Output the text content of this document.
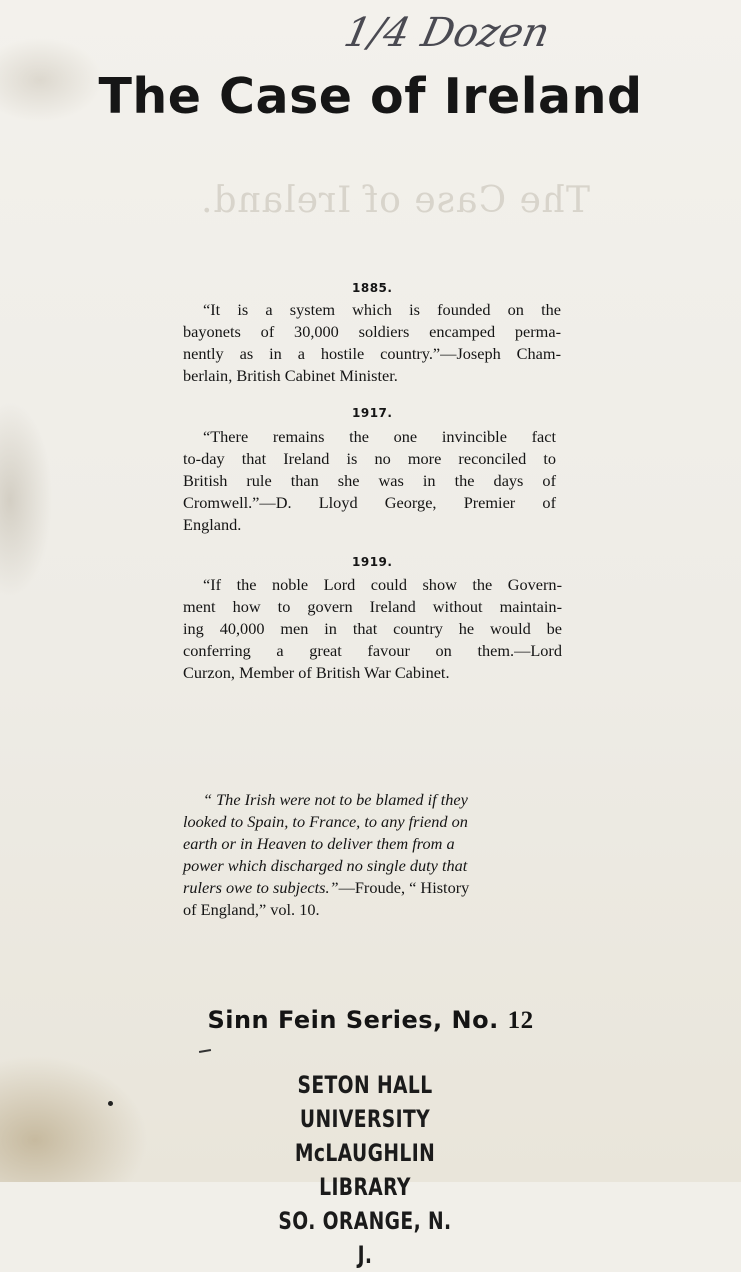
The Case of Ireland.
1/4 Dozen
The Case of Ireland
1885.
“It is a system which is founded on the
bayonets of 30,000 soldiers encamped perma-
nently as in a hostile country.”—Joseph Cham-
berlain, British Cabinet Minister.
1917.
“There remains the one invincible fact
to-day that Ireland is no more reconciled to
British rule than she was in the days of
Cromwell.”—D. Lloyd George, Premier of
England.
1919.
“If the noble Lord could show the Govern-
ment how to govern Ireland without maintain-
ing 40,000 men in that country he would be
conferring a great favour on them.—Lord
Curzon, Member of British War Cabinet.
“ The Irish were not to be blamed if they
looked to Spain, to France, to any friend on
earth or in Heaven to deliver them from a
power which discharged no single duty that
rulers owe to subjects.”—Froude, “ History
of England,” vol. 10.
Sinn Fein Series, No. 12
SETON HALL UNIVERSITY
McLAUGHLIN LIBRARY
SO. ORANGE, N. J.
